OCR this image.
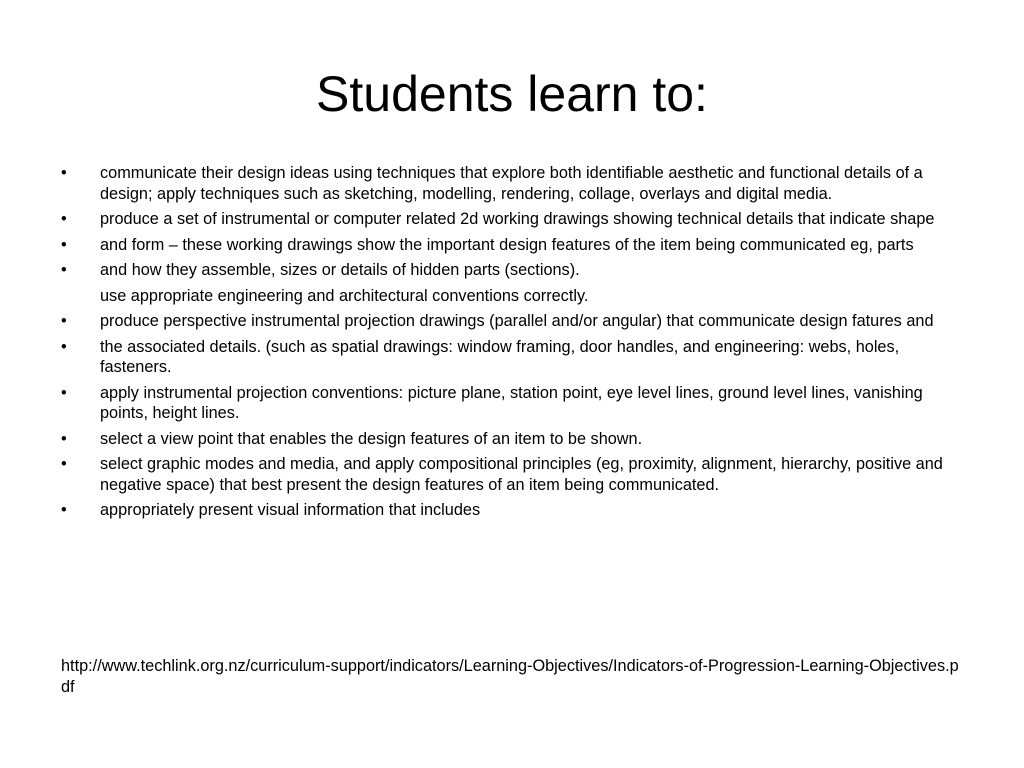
Students learn to:
•	communicate their design ideas using techniques that explore both identifiable aesthetic and functional details of a design; apply techniques such as sketching, modelling, rendering, collage, overlays and digital media.
•	produce a set of instrumental or computer related 2d working drawings showing technical details that indicate shape
•	and form – these working drawings show the important design features of the item being communicated eg, parts
•	and how they assemble, sizes or details of hidden parts (sections).
use appropriate engineering and architectural conventions correctly.
•	produce perspective instrumental projection drawings (parallel and/or angular) that communicate design fatures and
•	the associated details. (such as spatial drawings: window framing, door handles, and engineering: webs, holes, fasteners.
•	apply instrumental projection conventions: picture plane, station point, eye level lines, ground level lines, vanishing points, height lines.
•	select a view point that enables the design features of an item to be shown.
•	select graphic modes and media, and apply compositional principles (eg, proximity, alignment, hierarchy, positive and negative space) that best present the design features of an item being communicated.
•	appropriately present visual information that includes
http://www.techlink.org.nz/curriculum-support/indicators/Learning-Objectives/Indicators-of-Progression-Learning-Objectives.pdf
